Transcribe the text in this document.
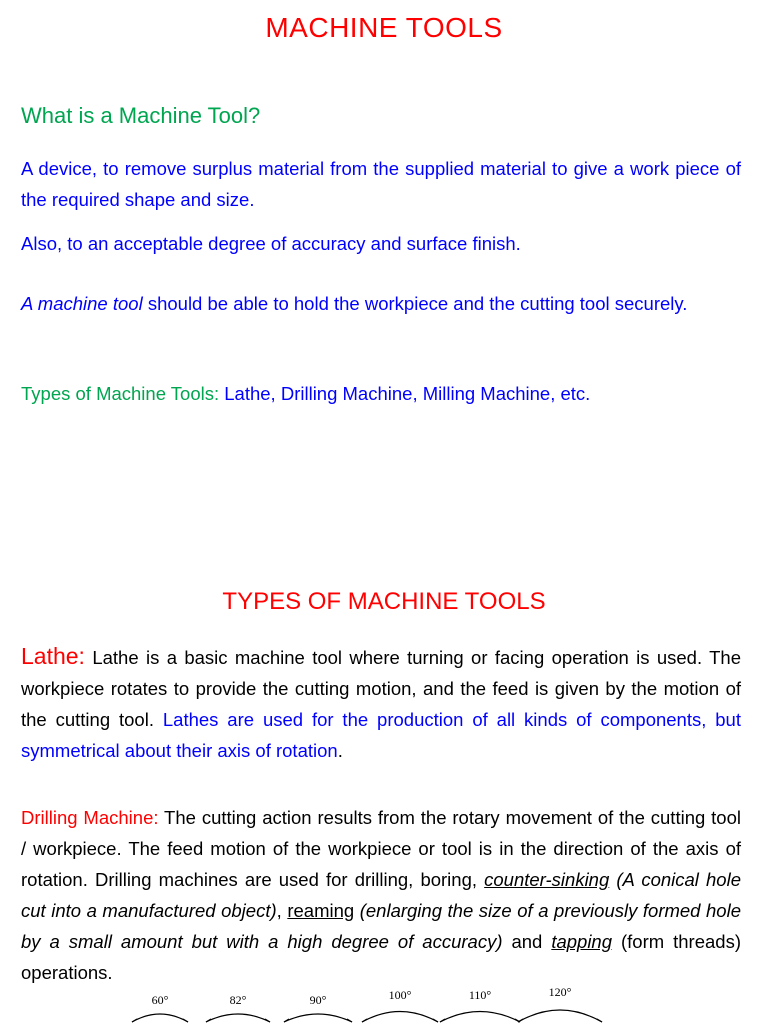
MACHINE TOOLS
What is a Machine Tool?
A device, to remove surplus material from the supplied material to give a work piece of the required shape and size.
Also, to an acceptable degree of accuracy and surface finish.
A machine tool should be able to hold the workpiece and the cutting tool securely.
Types of Machine Tools: Lathe, Drilling Machine, Milling Machine, etc.
TYPES OF MACHINE TOOLS
Lathe: Lathe is a basic machine tool where turning or facing operation is used. The workpiece rotates to provide the cutting motion, and the feed is given by the motion of the cutting tool. Lathes are used for the production of all kinds of components, but symmetrical about their axis of rotation.
Drilling Machine: The cutting action results from the rotary movement of the cutting tool / workpiece. The feed motion of the workpiece or tool is in the direction of the axis of rotation. Drilling machines are used for drilling, boring, counter-sinking (A conical hole cut into a manufactured object), reaming (enlarging the size of a previously formed hole by a small amount but with a high degree of accuracy) and tapping (form threads) operations.
60°	82°	90°	100°	110°	120°
